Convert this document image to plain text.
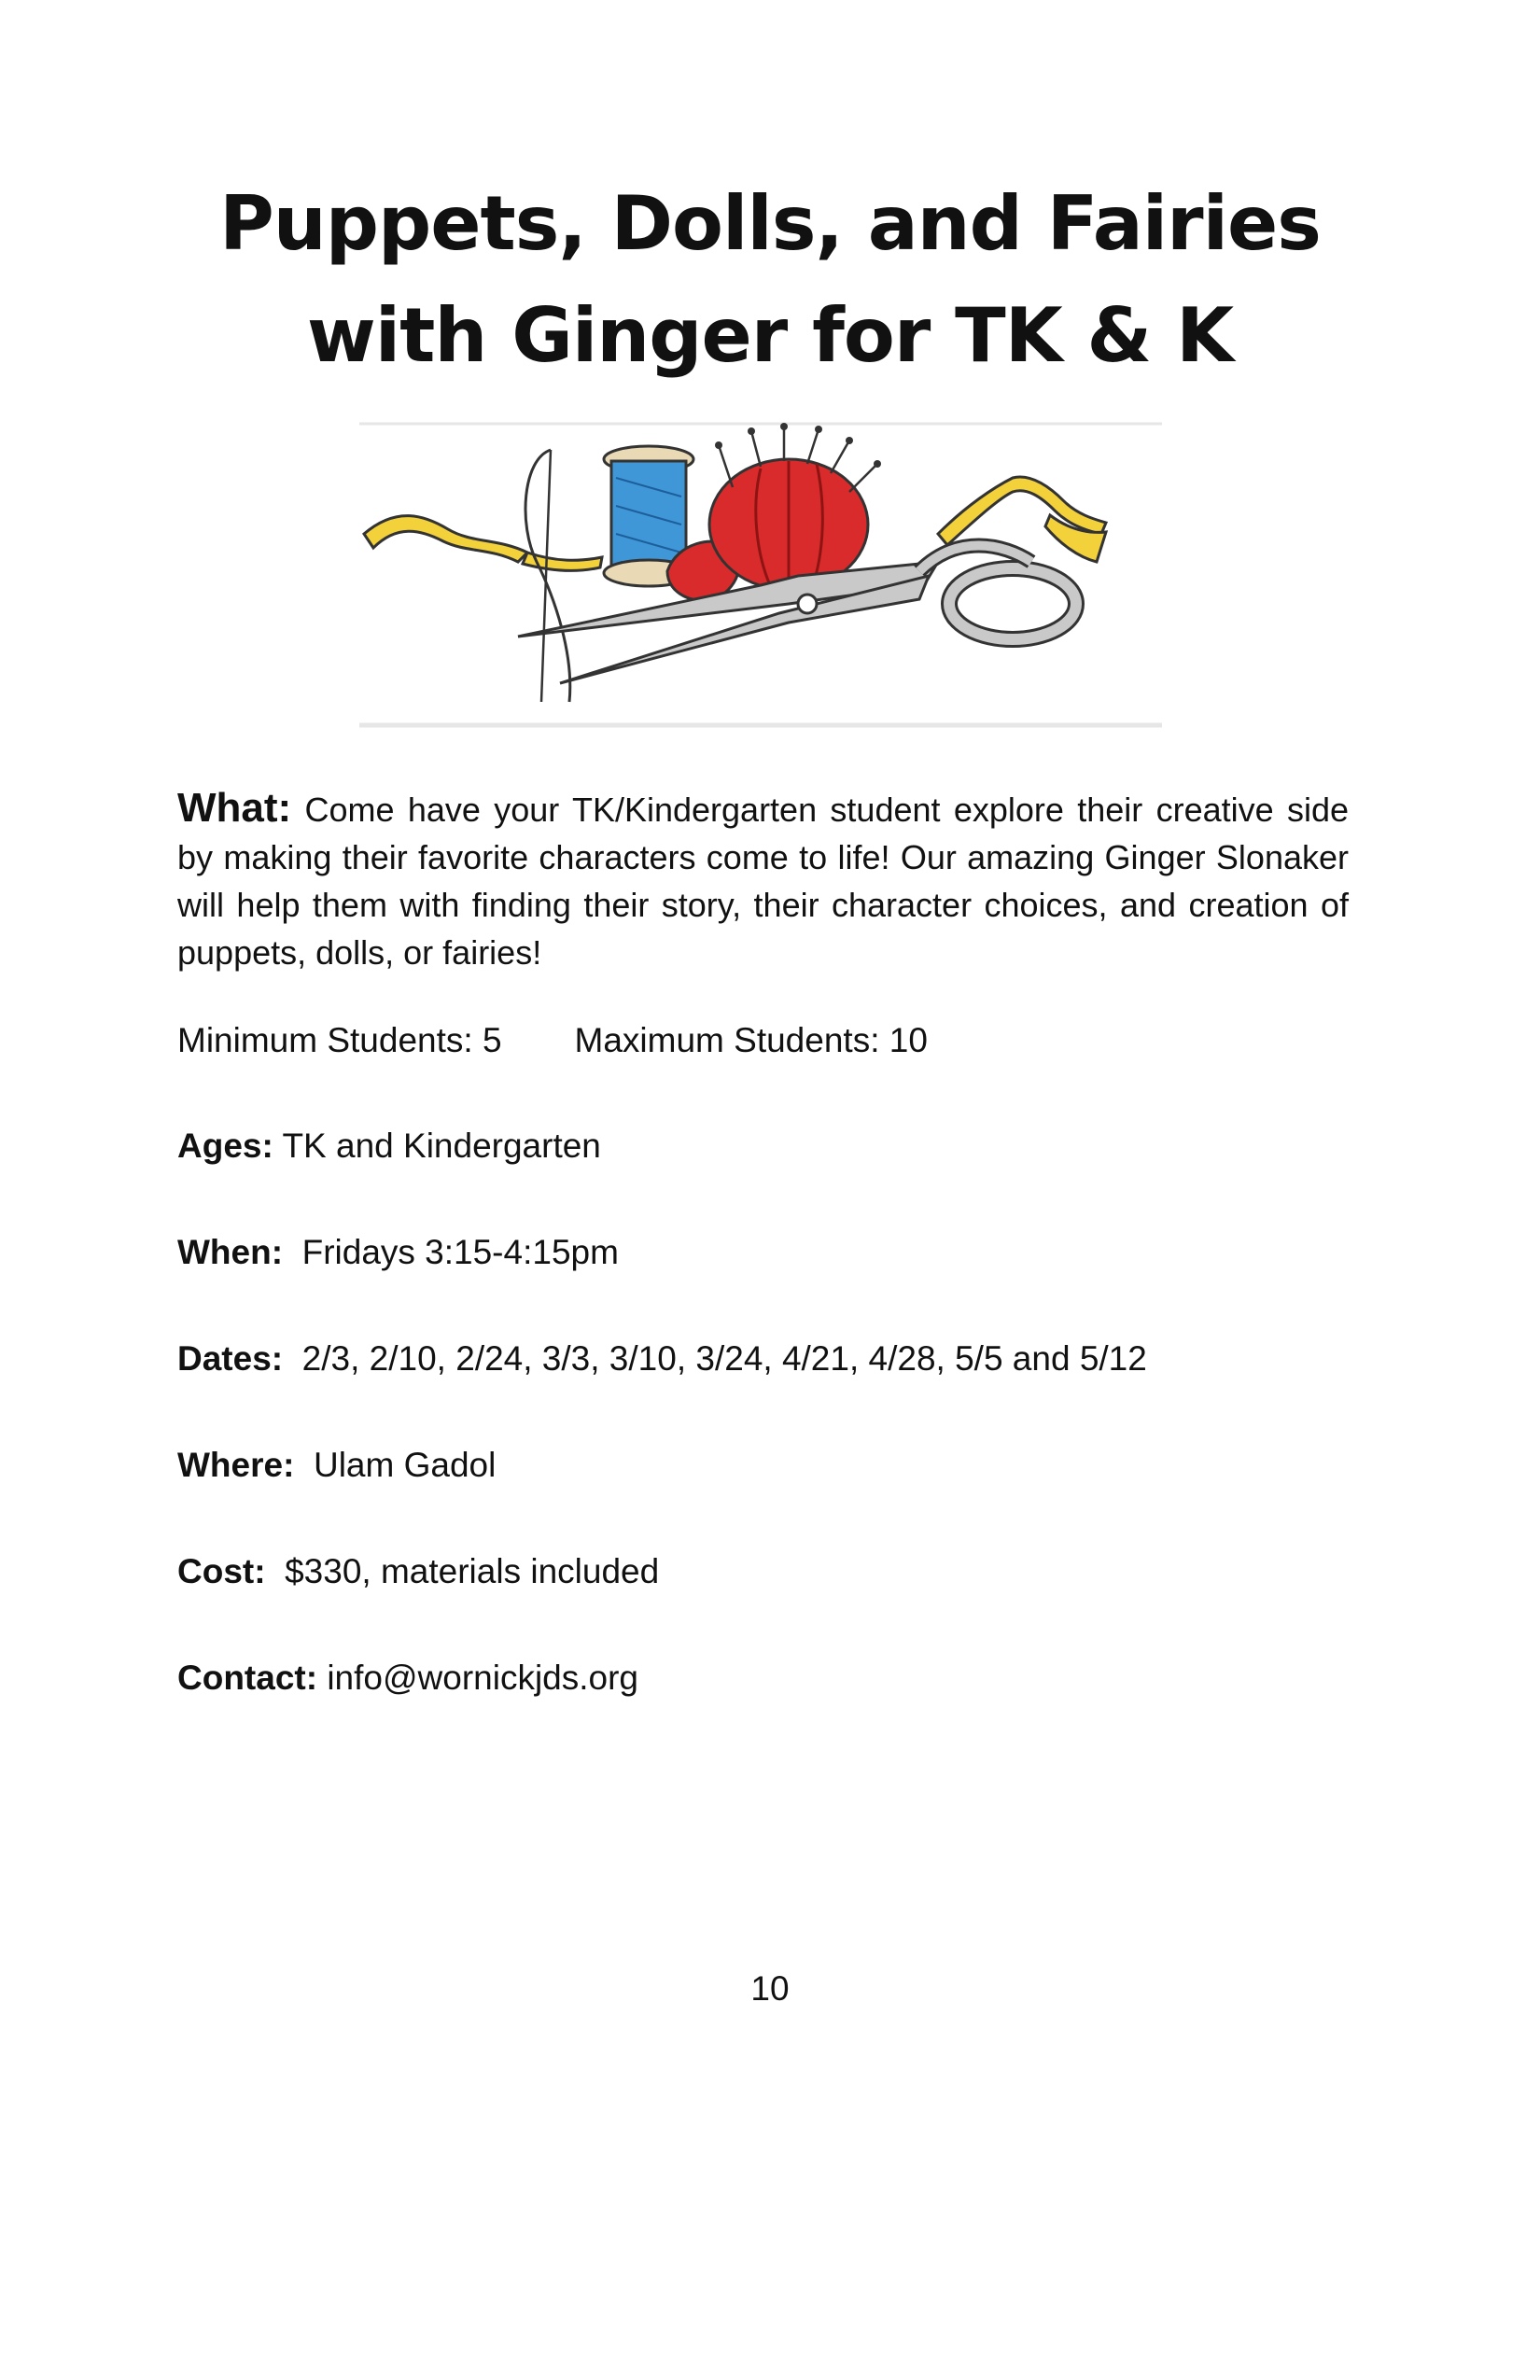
Puppets, Dolls, and Fairies
with Ginger for TK & K
What: Come have your TK/Kindergarten student explore their creative side by making their favorite characters come to life! Our amazing Ginger Slonaker will help them with finding their story, their character choices, and creation of puppets, dolls, or fairies!
Minimum Students: 5 Maximum Students: 10
Ages: TK and Kindergarten
When: Fridays 3:15-4:15pm
Dates: 2/3, 2/10, 2/24, 3/3, 3/10, 3/24, 4/21, 4/28, 5/5 and 5/12
Where: Ulam Gadol
Cost: $330, materials included
Contact: info@wornickjds.org
10
